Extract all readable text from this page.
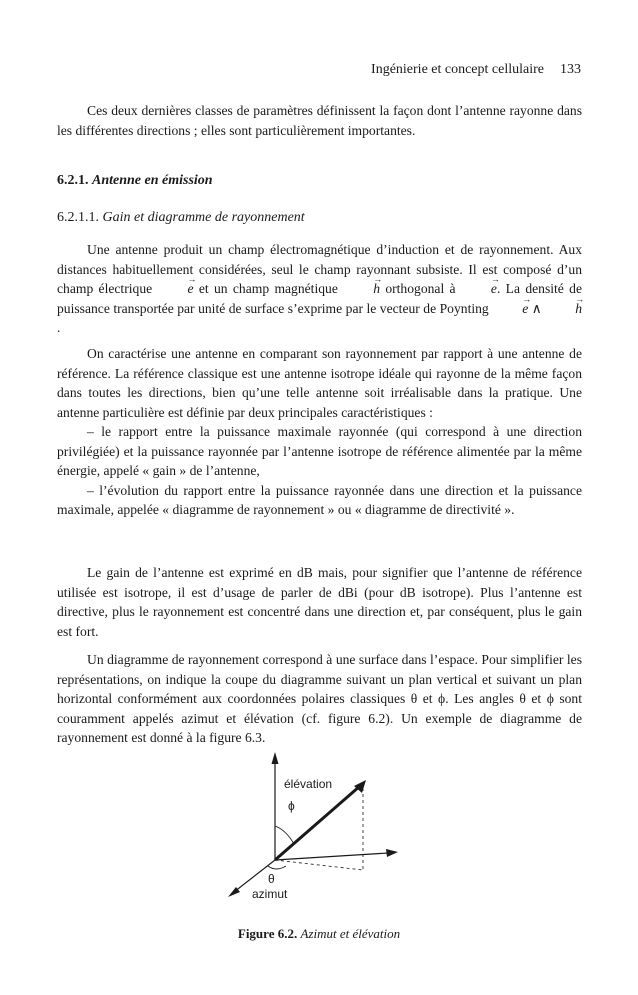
Ingénierie et concept cellulaire 133

Ces deux dernières classes de paramètres définissent la façon dont l’antenne rayonne dans les différentes directions ; elles sont particulièrement importantes.

6.2.1. Antenne en émission
6.2.1.1. Gain et diagramme de rayonnement

Une antenne produit un champ électromagnétique d’induction et de rayonnement. Aux distances habituellement considérées, seul le champ rayonnant subsiste. Il est composé d’un champ électrique → e et un champ magnétique → h orthogonal à → e. La densité de puissance transportée par unité de surface s’exprime par le vecteur de Poynting → e ∧ → h .

On caractérise une antenne en comparant son rayonnement par rapport à une antenne de référence. La référence classique est une antenne isotrope idéale qui rayonne de la même façon dans toutes les directions, bien qu’une telle antenne soit irréalisable dans la pratique. Une antenne particulière est définie par deux principales caractéristiques :

– le rapport entre la puissance maximale rayonnée (qui correspond à une direction privilégiée) et la puissance rayonnée par l’antenne isotrope de référence alimentée par la même énergie, appelé « gain » de l’antenne,

– l’évolution du rapport entre la puissance rayonnée dans une direction et la puissance maximale, appelée « diagramme de rayonnement » ou « diagramme de directivité ».

Le gain de l’antenne est exprimé en dB mais, pour signifier que l’antenne de référence utilisée est isotrope, il est d’usage de parler de dBi (pour dB isotrope). Plus l’antenne est directive, plus le rayonnement est concentré dans une direction et, par conséquent, plus le gain est fort.

Un diagramme de rayonnement correspond à une surface dans l’espace. Pour simplifier les représentations, on indique la coupe du diagramme suivant un plan vertical et suivant un plan horizontal conformément aux coordonnées polaires classiques θ et ϕ. Les angles θ et ϕ sont couramment appelés azimut et élévation (cf. figure 6.2). Un exemple de diagramme de rayonnement est donné à la figure 6.3.

élévation
ϕ
θ
azimut
Figure 6.2. Azimut et élévation
